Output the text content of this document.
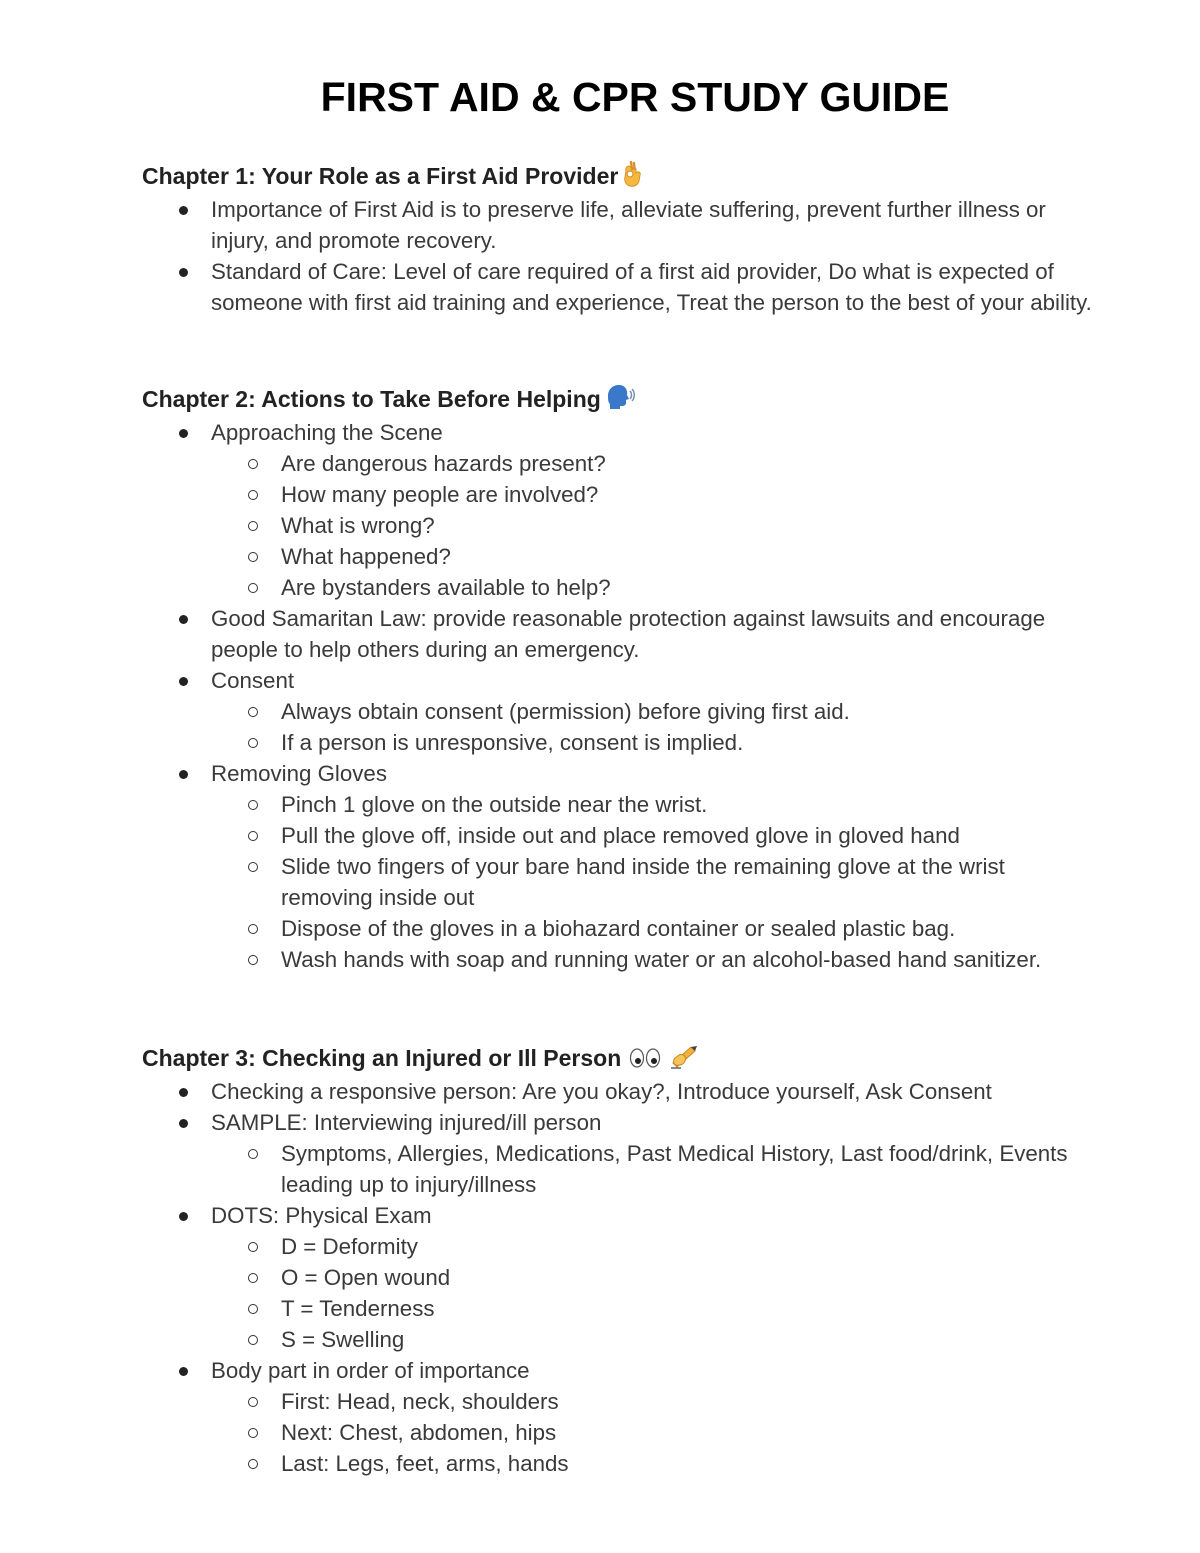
FIRST AID & CPR STUDY GUIDE
Chapter 1: Your Role as a First Aid Provider
Importance of First Aid is to preserve life, alleviate suffering, prevent further illness or injury, and promote recovery.
Standard of Care: Level of care required of a first aid provider, Do what is expected of someone with first aid training and experience, Treat the person to the best of your ability.
Chapter 2: Actions to Take Before Helping
Approaching the Scene
Are dangerous hazards present?
How many people are involved?
What is wrong?
What happened?
Are bystanders available to help?
Good Samaritan Law: provide reasonable protection against lawsuits and encourage people to help others during an emergency.
Consent
Always obtain consent (permission) before giving first aid.
If a person is unresponsive, consent is implied.
Removing Gloves
Pinch 1 glove on the outside near the wrist.
Pull the glove off, inside out and place removed glove in gloved hand
Slide two fingers of your bare hand inside the remaining glove at the wrist removing inside out
Dispose of the gloves in a biohazard container or sealed plastic bag.
Wash hands with soap and running water or an alcohol-based hand sanitizer.
Chapter 3: Checking an Injured or Ill Person
Checking a responsive person: Are you okay?, Introduce yourself, Ask Consent
SAMPLE: Interviewing injured/ill person
Symptoms, Allergies, Medications, Past Medical History, Last food/drink, Events leading up to injury/illness
DOTS: Physical Exam
D = Deformity
O = Open wound
T = Tenderness
S = Swelling
Body part in order of importance
First: Head, neck, shoulders
Next: Chest, abdomen, hips
Last: Legs, feet, arms, hands
